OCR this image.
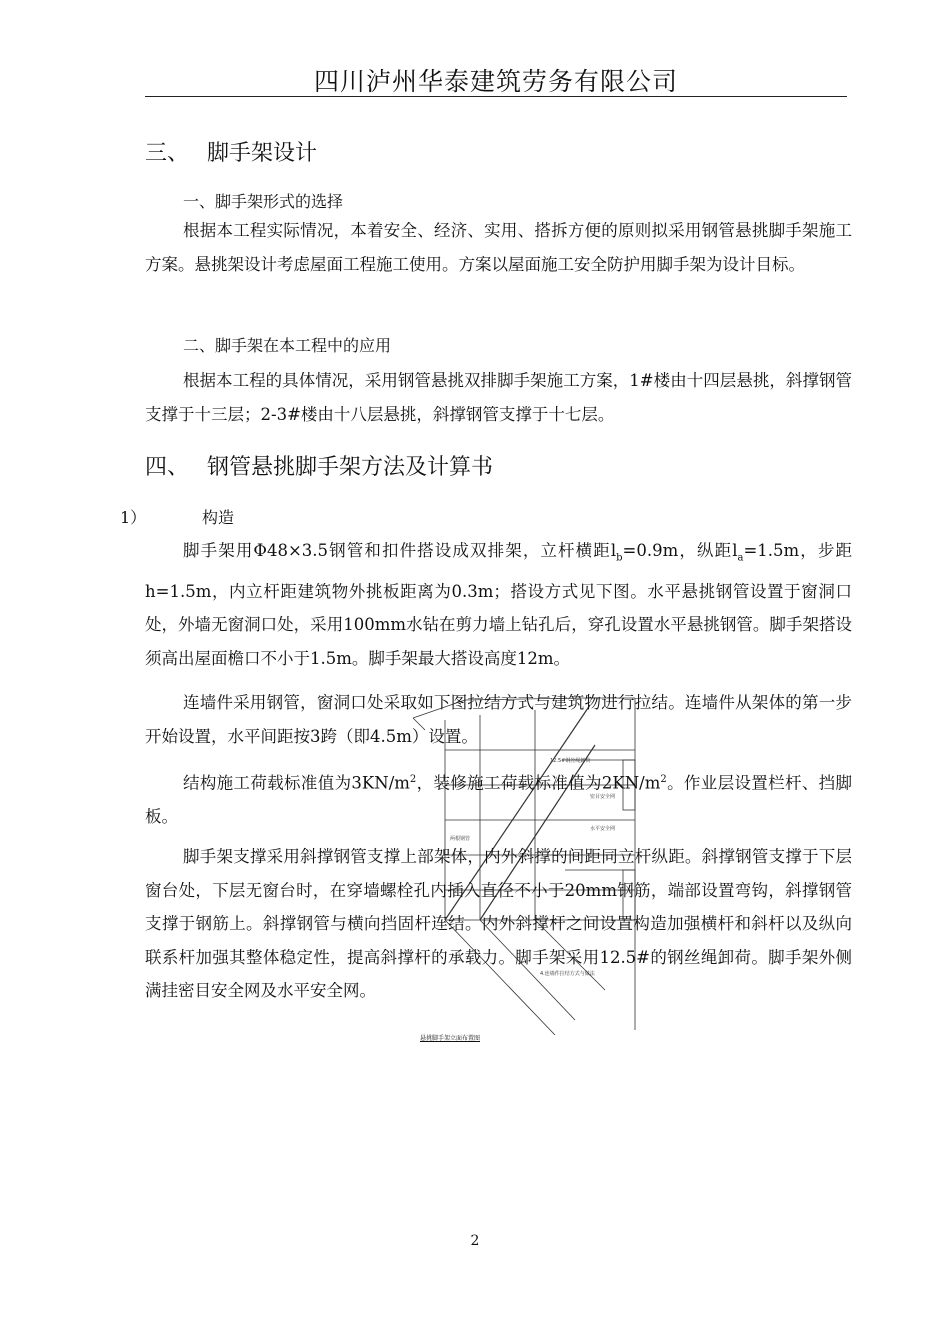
四川泸州华泰建筑劳务有限公司
三、 脚手架设计
一、脚手架形式的选择
根据本工程实际情况，本着安全、经济、实用、搭拆方便的原则拟采用钢管悬挑脚手架施工方案。悬挑架设计考虑屋面工程施工使用。方案以屋面施工安全防护用脚手架为设计目标。
二、脚手架在本工程中的应用
根据本工程的具体情况，采用钢管悬挑双排脚手架施工方案，1#楼由十四层悬挑，斜撑钢管支撑于十三层；2-3#楼由十八层悬挑，斜撑钢管支撑于十七层。
四、 钢管悬挑脚手架方法及计算书
1）	构造
12.5#钢丝绳卸荷
密目安全网
水平安全网
4.连墙件拉结方式与做法
两根钢管
悬挑脚手架立面布置图
脚手架用Φ48×3.5钢管和扣件搭设成双排架，立杆横距$l_b=0.9m$，纵距$l_a=1.5m$，步距h=1.5m，内立杆距建筑物外挑板距离为0.3m；搭设方式见下图。水平悬挑钢管设置于窗洞口处，外墙无窗洞口处，采用100mm水钻在剪力墙上钻孔后，穿孔设置水平悬挑钢管。脚手架搭设须高出屋面檐口不小于1.5m。脚手架最大搭设高度12m。
连墙件采用钢管，窗洞口处采取如下图拉结方式与建筑物进行拉结。连墙件从架体的第一步开始设置，水平间距按3跨（即4.5m）设置。
结构施工荷载标准值为$3KN/m^2$，装修施工荷载标准值为$2KN/m^2$。作业层设置栏杆、挡脚板。
脚手架支撑采用斜撑钢管支撑上部架体，内外斜撑的间距同立杆纵距。斜撑钢管支撑于下层窗台处，下层无窗台时，在穿墙螺栓孔内插入直径不小于20mm钢筋，端部设置弯钩，斜撑钢管支撑于钢筋上。斜撑钢管与横向挡固杆连结。内外斜撑杆之间设置构造加强横杆和斜杆以及纵向联系杆加强其整体稳定性，提高斜撑杆的承载力。脚手架采用12.5#的钢丝绳卸荷。脚手架外侧满挂密目安全网及水平安全网。
2
